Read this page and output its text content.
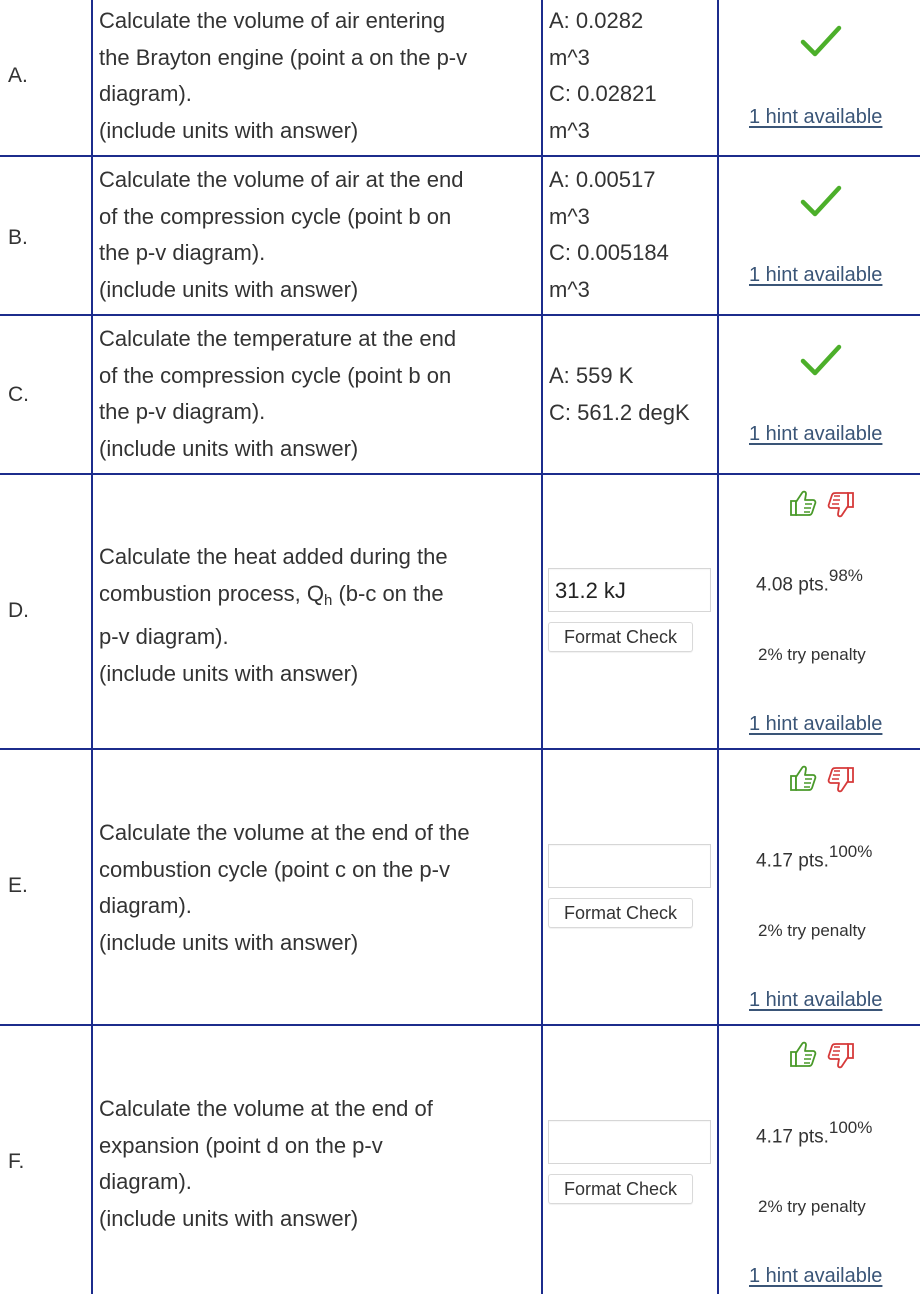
A.
Calculate the volume of air entering
the Brayton engine (point a on the p-v
diagram).
(include units with answer)
A: 0.0282
m^3
C: 0.02821
m^3
1 hint available
B.
Calculate the volume of air at the end
of the compression cycle (point b on
the p-v diagram).
(include units with answer)
A: 0.00517
m^3
C: 0.005184
m^3
1 hint available
C.
Calculate the temperature at the end
of the compression cycle (point b on
the p-v diagram).
(include units with answer)
A: 559 K
C: 561.2 degK
1 hint available
D.
Calculate the heat added during the
combustion process, Qh (b-c on the
p-v diagram).
(include units with answer)
31.2 kJ
Format Check
4.08 pts.$^{98\%}$
2% try penalty
1 hint available
E.
Calculate the volume at the end of the
combustion cycle (point c on the p-v
diagram).
(include units with answer)
Format Check
4.17 pts.$^{100\%}$
2% try penalty
1 hint available
F.
Calculate the volume at the end of
expansion (point d on the p-v
diagram).
(include units with answer)
Format Check
4.17 pts.$^{100\%}$
2% try penalty
1 hint available
